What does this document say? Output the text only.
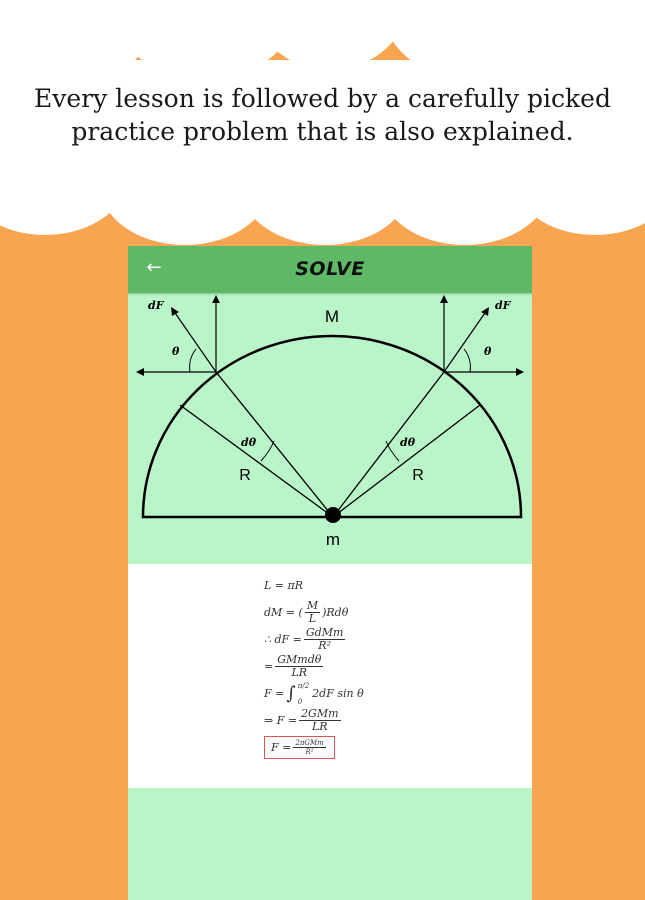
Every lesson is followed by a carefully picked
practice problem that is also explained.
←	SOLVE
M
m
dF	dF
θ	θ
dθ	dθ
R	R
L = πR
dM = ( $\frac{M}{L} )Rd\theta$
∴ dF = $\frac{\text{GdMm}}{\text{R²}}$
= $\frac{\text{GMmdθ}}{LR}$
F = ∫ π/2
0
2dF sin θ
⇒ $F = \frac{\text{2GMm}}{LR}$
$F = \frac{\text{2πGMm}}{\text{R²}}$
